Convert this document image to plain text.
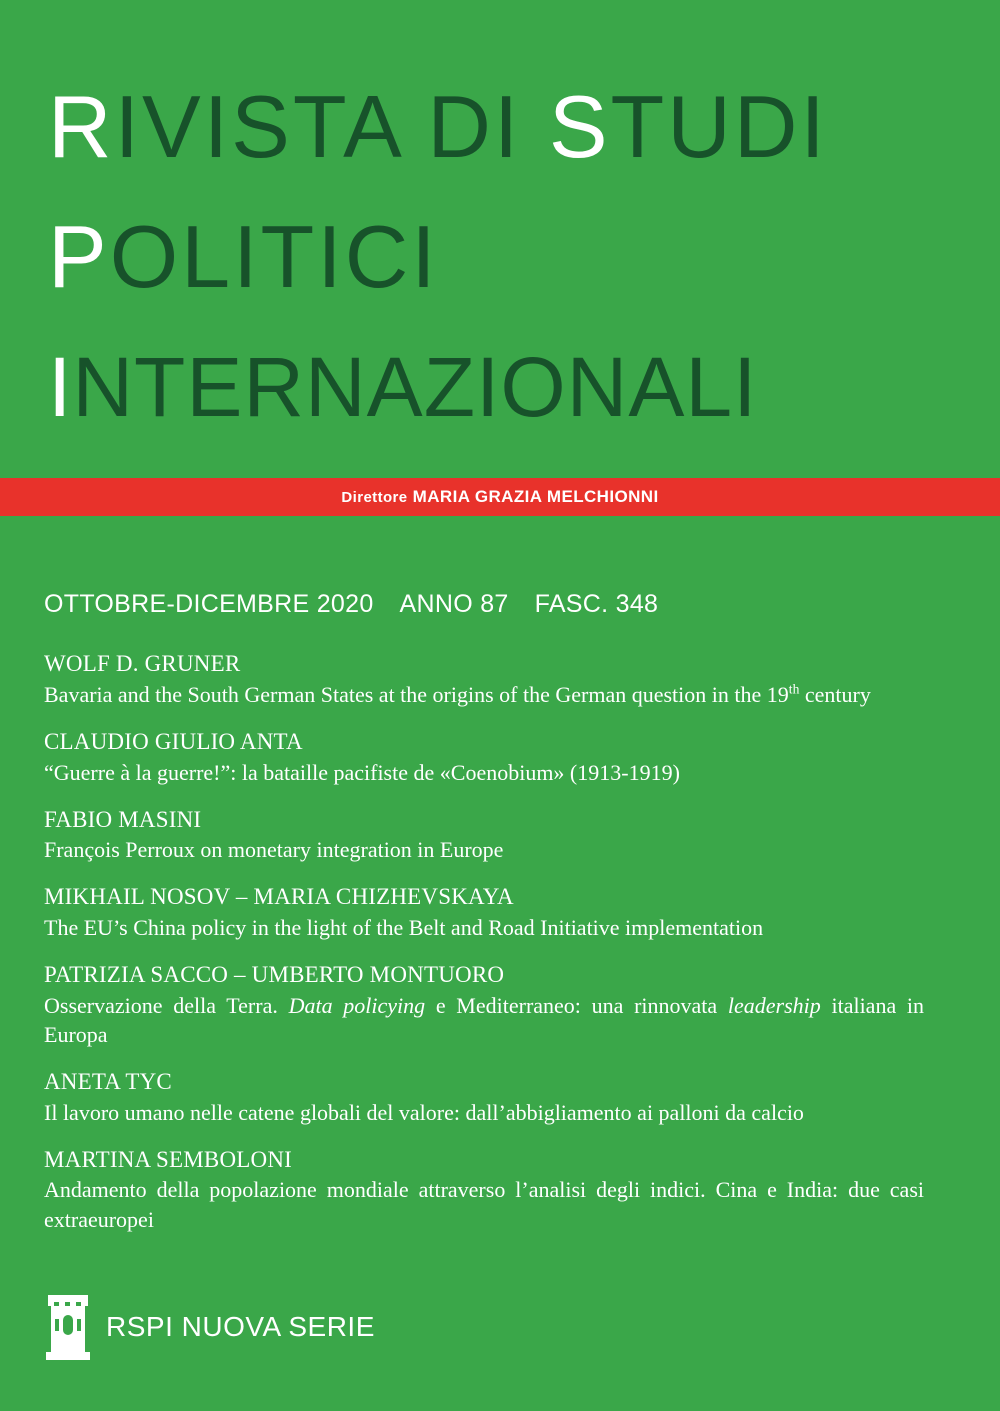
RIVISTA DI STUDI
POLITICI
INTERNAZIONALI
Direttore MARIA GRAZIA MELCHIONNI
OTTOBRE-DICEMBRE 2020 ANNO 87 FASC. 348
WOLF D. GRUNER
Bavaria and the South German States at the origins of the German question in the 19th century
CLAUDIO GIULIO ANTA
“Guerre à la guerre!”: la bataille pacifiste de «Coenobium» (1913-1919)
FABIO MASINI
François Perroux on monetary integration in Europe
MIKHAIL NOSOV – MARIA CHIZHEVSKAYA
The EU’s China policy in the light of the Belt and Road Initiative implementation
PATRIZIA SACCO – UMBERTO MONTUORO
Osservazione della Terra. Data policying e Mediterraneo: una rinnovata leadership italiana in Europa
ANETA TYC
Il lavoro umano nelle catene globali del valore: dall’abbigliamento ai palloni da calcio
MARTINA SEMBOLONI
Andamento della popolazione mondiale attraverso l’analisi degli indici. Cina e India: due casi extraeuropei
RSPI NUOVA SERIE
